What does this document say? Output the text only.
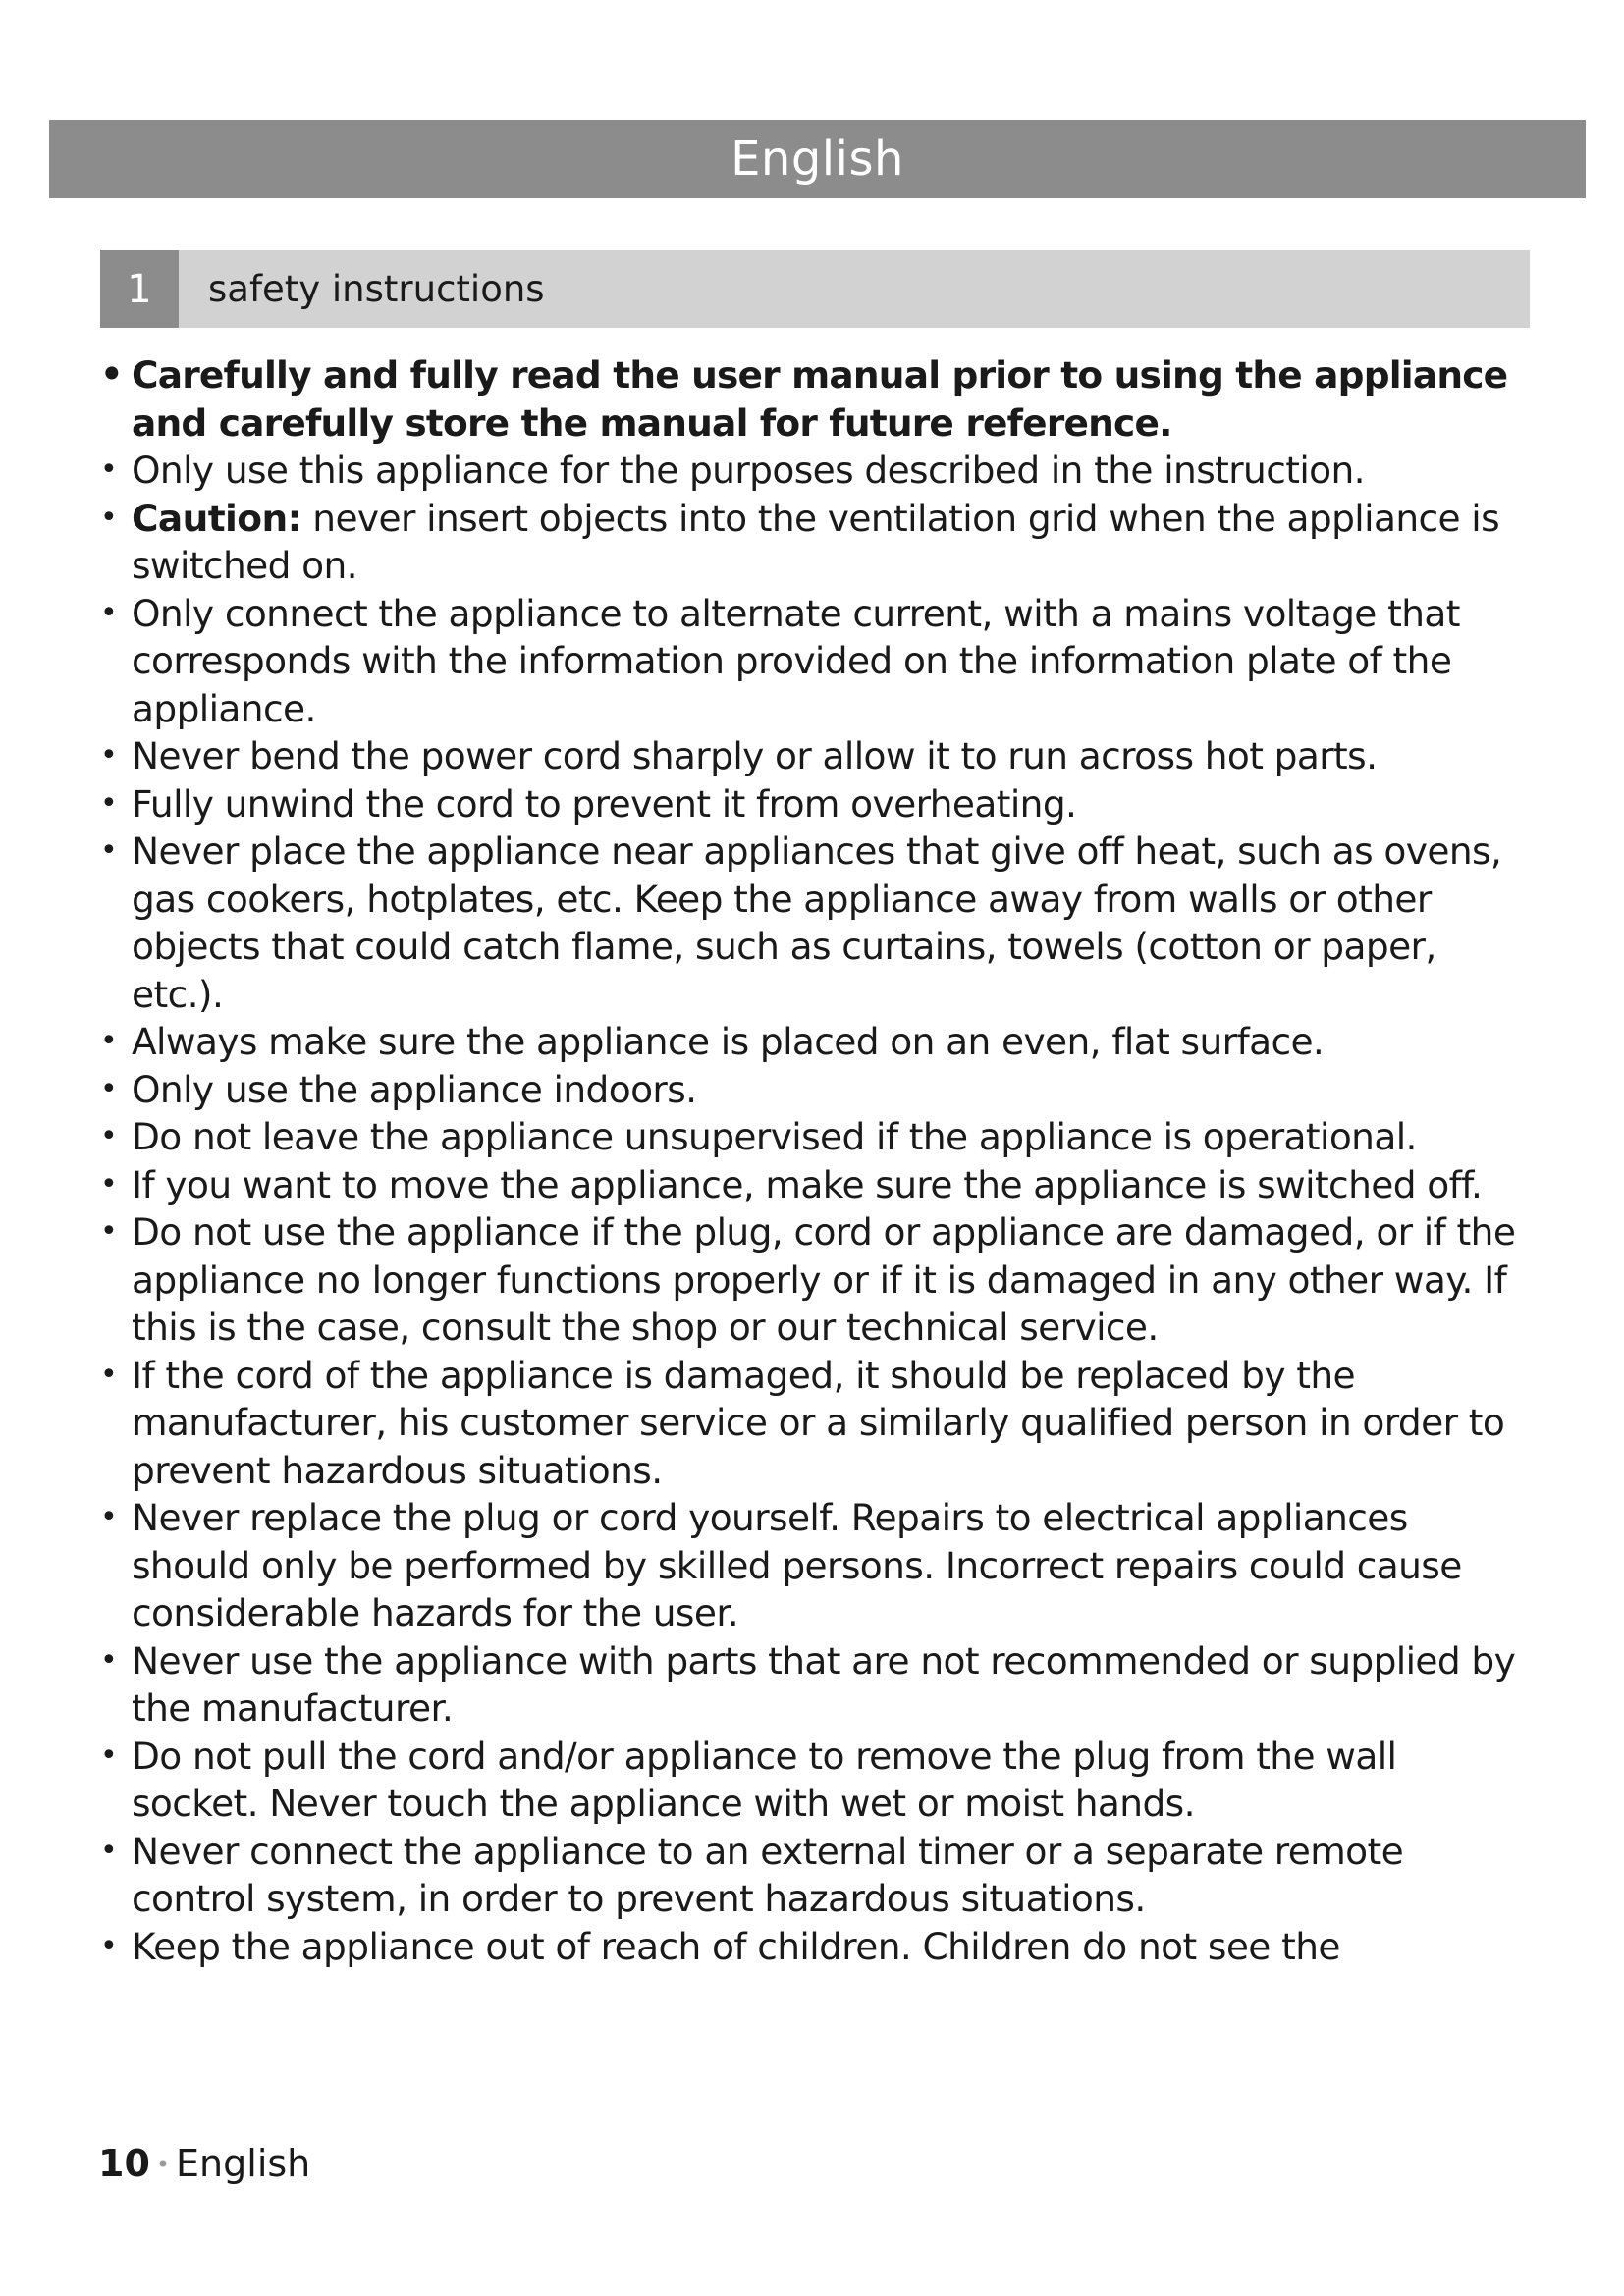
English
1	safety instructions
• Carefully and fully read the user manual prior to using the appliance and carefully store the manual for future reference.
• Only use this appliance for the purposes described in the instruction.
• Caution: never insert objects into the ventilation grid when the appliance is switched on.
• Only connect the appliance to alternate current, with a mains voltage that corresponds with the information provided on the information plate of the appliance.
• Never bend the power cord sharply or allow it to run across hot parts.
• Fully unwind the cord to prevent it from overheating.
• Never place the appliance near appliances that give off heat, such as ovens, gas cookers, hotplates, etc. Keep the appliance away from walls or other objects that could catch flame, such as curtains, towels (cotton or paper, etc.).
• Always make sure the appliance is placed on an even, flat surface.
• Only use the appliance indoors.
• Do not leave the appliance unsupervised if the appliance is operational.
• If you want to move the appliance, make sure the appliance is switched off.
• Do not use the appliance if the plug, cord or appliance are damaged, or if the appliance no longer functions properly or if it is damaged in any other way. If this is the case, consult the shop or our technical service.
• If the cord of the appliance is damaged, it should be replaced by the manufacturer, his customer service or a similarly qualified person in order to prevent hazardous situations.
• Never replace the plug or cord yourself. Repairs to electrical appliances should only be performed by skilled persons. Incorrect repairs could cause considerable hazards for the user.
• Never use the appliance with parts that are not recommended or supplied by the manufacturer.
• Do not pull the cord and/or appliance to remove the plug from the wall socket. Never touch the appliance with wet or moist hands.
• Never connect the appliance to an external timer or a separate remote control system, in order to prevent hazardous situations.
• Keep the appliance out of reach of children. Children do not see the
10 • English
